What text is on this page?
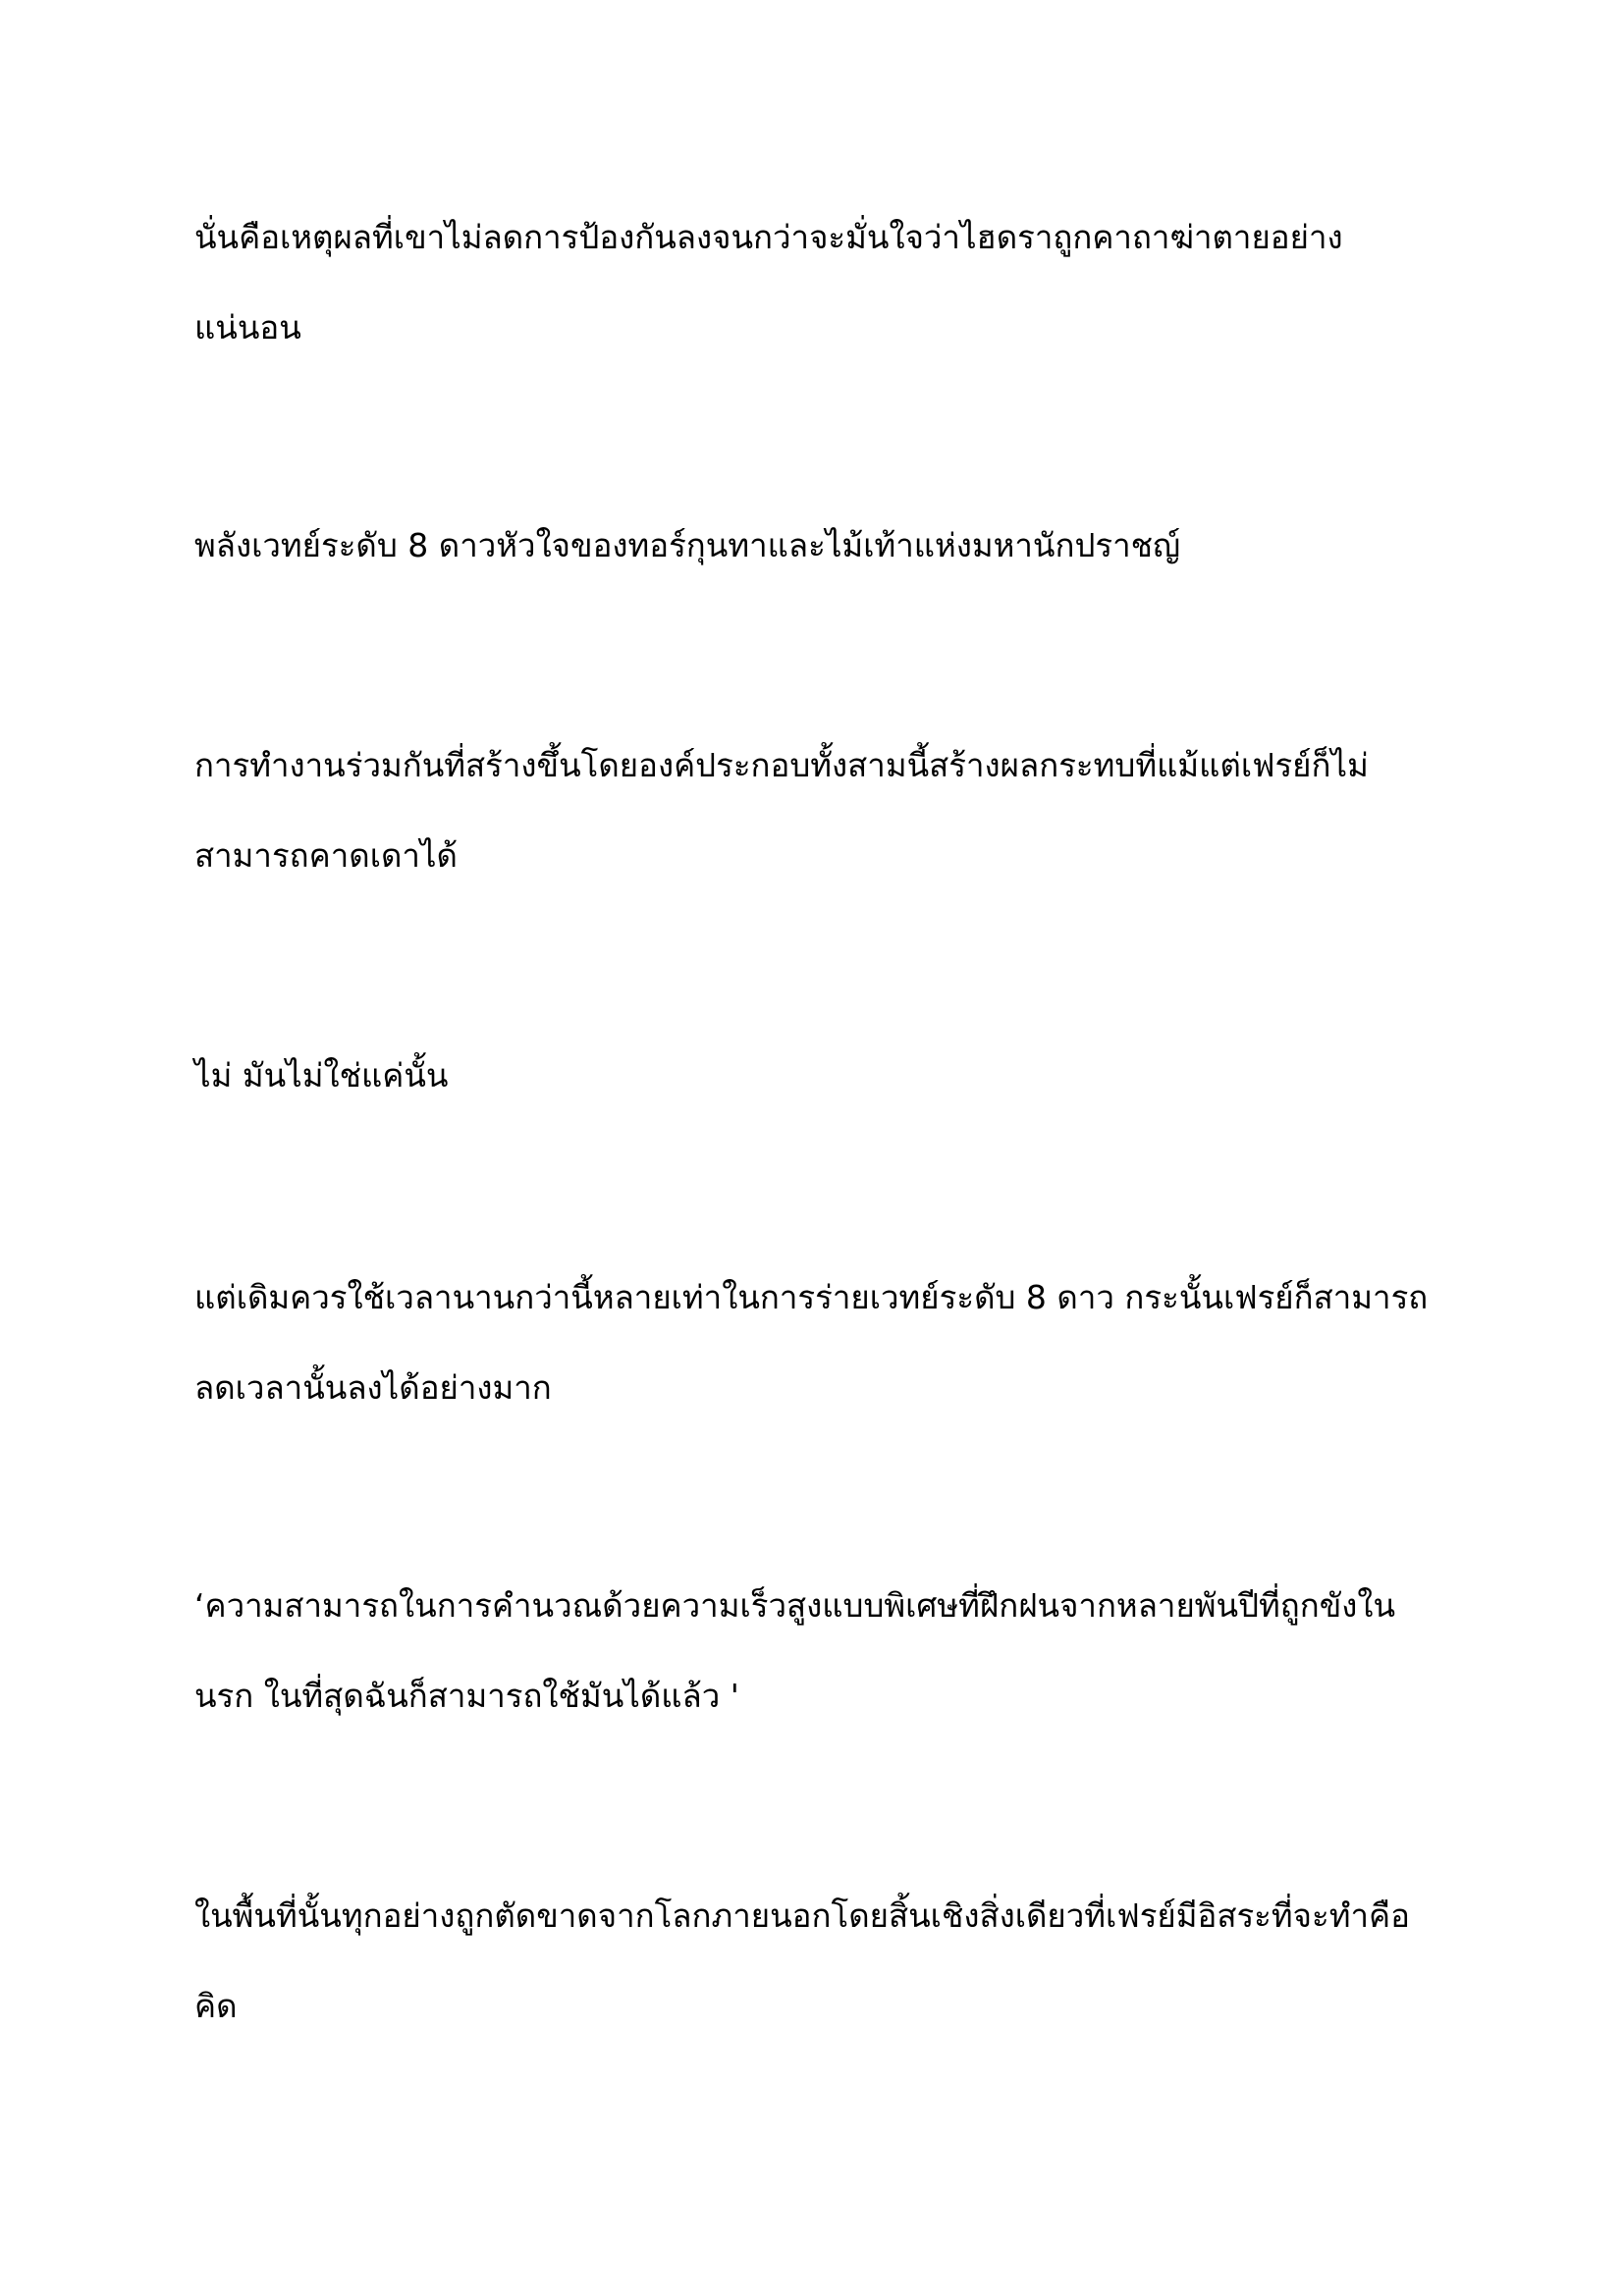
นั่นคือเหตุผลที่เขาไม่ลดการป้องกันลงจนกว่าจะมั่นใจว่าไฮดราถูกคาถาฆ่าตายอย่างแน่นอน

พลังเวทย์ระดับ 8 ดาวหัวใจของทอร์กุนทาและไม้เท้าแห่งมหานักปราชญ์

การทำงานร่วมกันที่สร้างขึ้นโดยองค์ประกอบทั้งสามนี้สร้างผลกระทบที่แม้แต่เฟรย์ก็ไม่สามารถคาดเดาได้

ไม่ มันไม่ใช่แค่นั้น

แต่เดิมควรใช้เวลานานกว่านี้หลายเท่าในการร่ายเวทย์ระดับ 8 ดาว กระนั้นเฟรย์ก็สามารถลดเวลานั้นลงได้อย่างมาก

‘ความสามารถในการคำนวณด้วยความเร็วสูงแบบพิเศษที่ฝึกฝนจากหลายพันปีที่ถูกขังในนรก ในที่สุดฉันก็สามารถใช้มันได้แล้ว '

ในพื้นที่นั้นทุกอย่างถูกตัดขาดจากโลกภายนอกโดยสิ้นเชิงสิ่งเดียวที่เฟรย์มีอิสระที่จะทำคือคิด
